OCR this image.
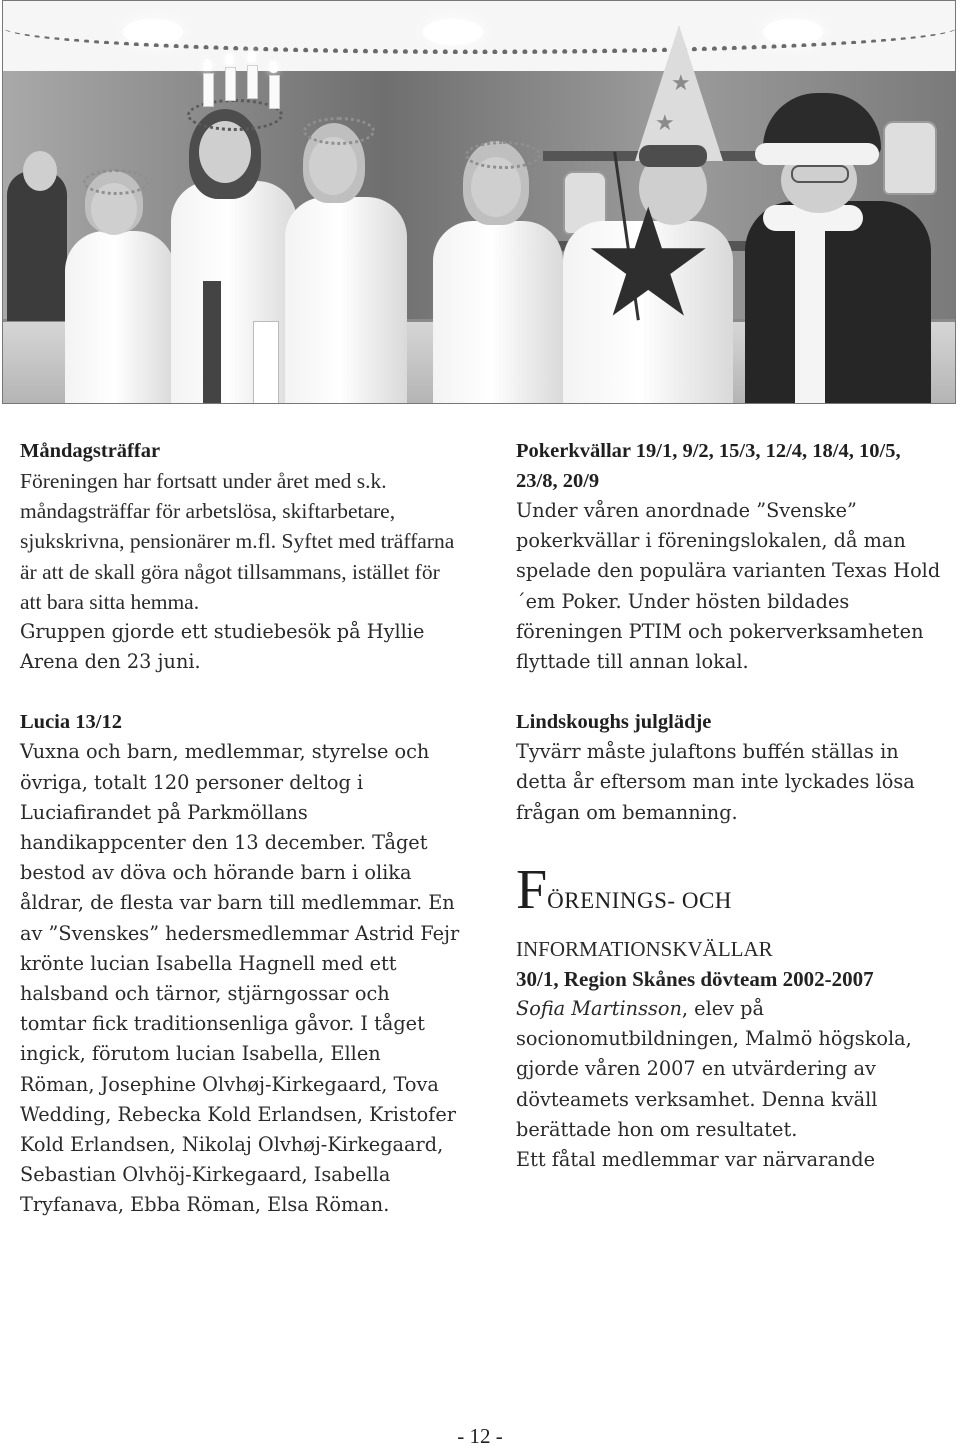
★
★
★

Måndagsträffar

Föreningen har fortsatt under året med s.k. måndagsträffar för arbetslösa, skiftarbetare, sjukskrivna, pensionärer m.fl. Syftet med träffarna är att de skall göra något tillsammans, istället för att bara sitta hemma.

Gruppen gjorde ett studiebesök på Hyllie Arena den 23 juni.

Lucia 13/12

Vuxna och barn, medlemmar, styrelse och övriga, totalt 120 personer deltog i Luciafirandet på Parkmöllans handikappcenter den 13 december. Tåget bestod av döva och hörande barn i olika åldrar, de flesta var barn till medlemmar. En av ”Svenskes” hedersmedlemmar Astrid Fejr krönte lucian Isabella Hagnell med ett halsband och tärnor, stjärngossar och tomtar fick traditionsenliga gåvor. I tåget ingick, förutom lucian Isabella, Ellen Röman, Josephine Olvhøj-Kirkegaard, Tova Wedding, Rebecka Kold Erlandsen, Kristofer Kold Erlandsen, Nikolaj Olvhøj-Kirkegaard, Sebastian Olvhöj-Kirkegaard, Isabella Tryfanava, Ebba Röman, Elsa Röman.

Pokerkvällar 19/1, 9/2, 15/3, 12/4, 18/4, 10/5, 23/8, 20/9

Under våren anordnade ”Svenske” pokerkvällar i föreningslokalen, då man spelade den populära varianten Texas Hold´em Poker. Under hösten bildades föreningen PTIM och pokerverksamheten flyttade till annan lokal.

Lindskoughs julglädje

Tyvärr måste julaftons buffén ställas in detta år eftersom man inte lyckades lösa frågan om bemanning.

FÖRENINGS- OCH

INFORMATIONSKVÄLLAR

30/1, Region Skånes dövteam 2002-2007

Sofia Martinsson, elev på socionomutbildningen, Malmö högskola, gjorde våren 2007 en utvärdering av dövteamets verksamhet. Denna kväll berättade hon om resultatet.

Ett fåtal medlemmar var närvarande

- 12 -
